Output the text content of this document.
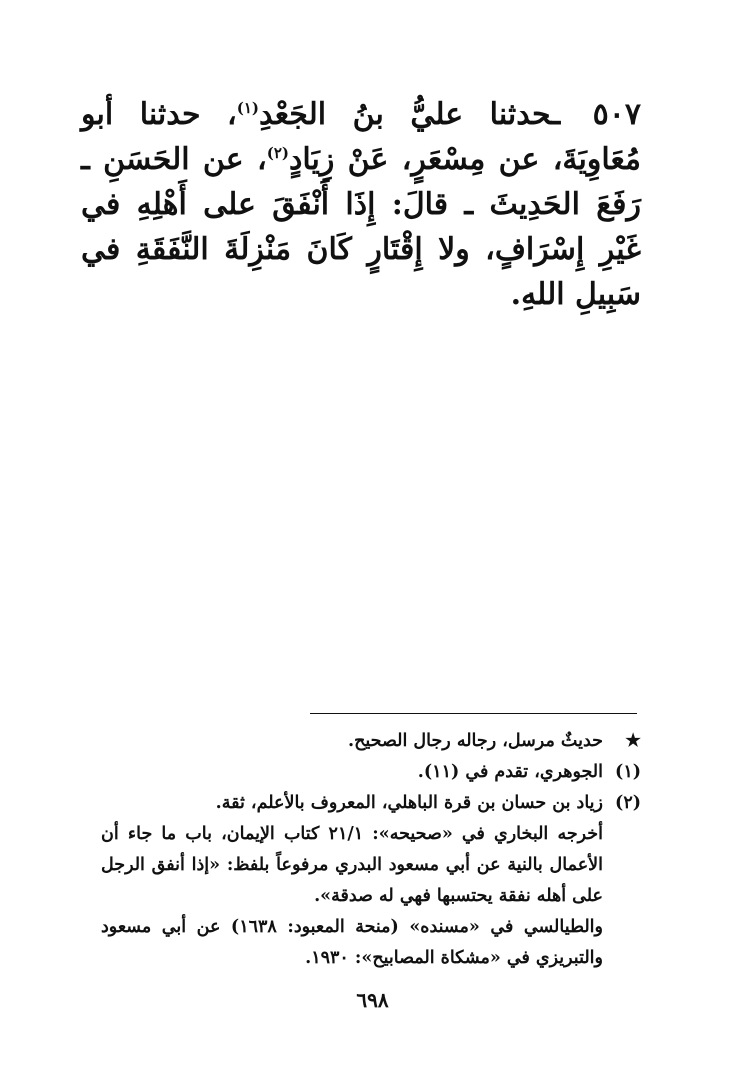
٥٠٧ ـحدثنا عليُّ بنُ الجَعْدِ$^{(١)}$، حدثنا أبو مُعَاوِيَةَ، عن مِسْعَرٍ، عَنْ زِيَادٍ$^{(٢)}$، عن الحَسَنِ ـ رَفَعَ الحَدِيثَ ـ قالَ: إِذَا أَنْفَقَ على أَهْلِهِ في غَيْرِ إِسْرَافٍ، ولا إِقْتَارٍ كَانَ مَنْزِلَةَ النَّفَقَةِ في سَبِيلِ اللهِ.

★

حديثٌ مرسل، رجاله رجال الصحيح.

(١)

الجوهري، تقدم في (١١).

(٢)

زياد بن حسان بن قرة الباهلي، المعروف بالأعلم، ثقة.

أخرجه البخاري في «صحيحه»: ٢١/١ كتاب الإيمان، باب ما جاء أن الأعمال بالنية عن أبي مسعود البدري مرفوعاً بلفظ: «إذا أنفق الرجل على أهله نفقة يحتسبها فهي له صدقة».

والطيالسي في «مسنده» (منحة المعبود: ١٦٣٨) عن أبي مسعود والتبريزي في «مشكاة المصابيح»: ١٩٣٠.

٦٩٨
